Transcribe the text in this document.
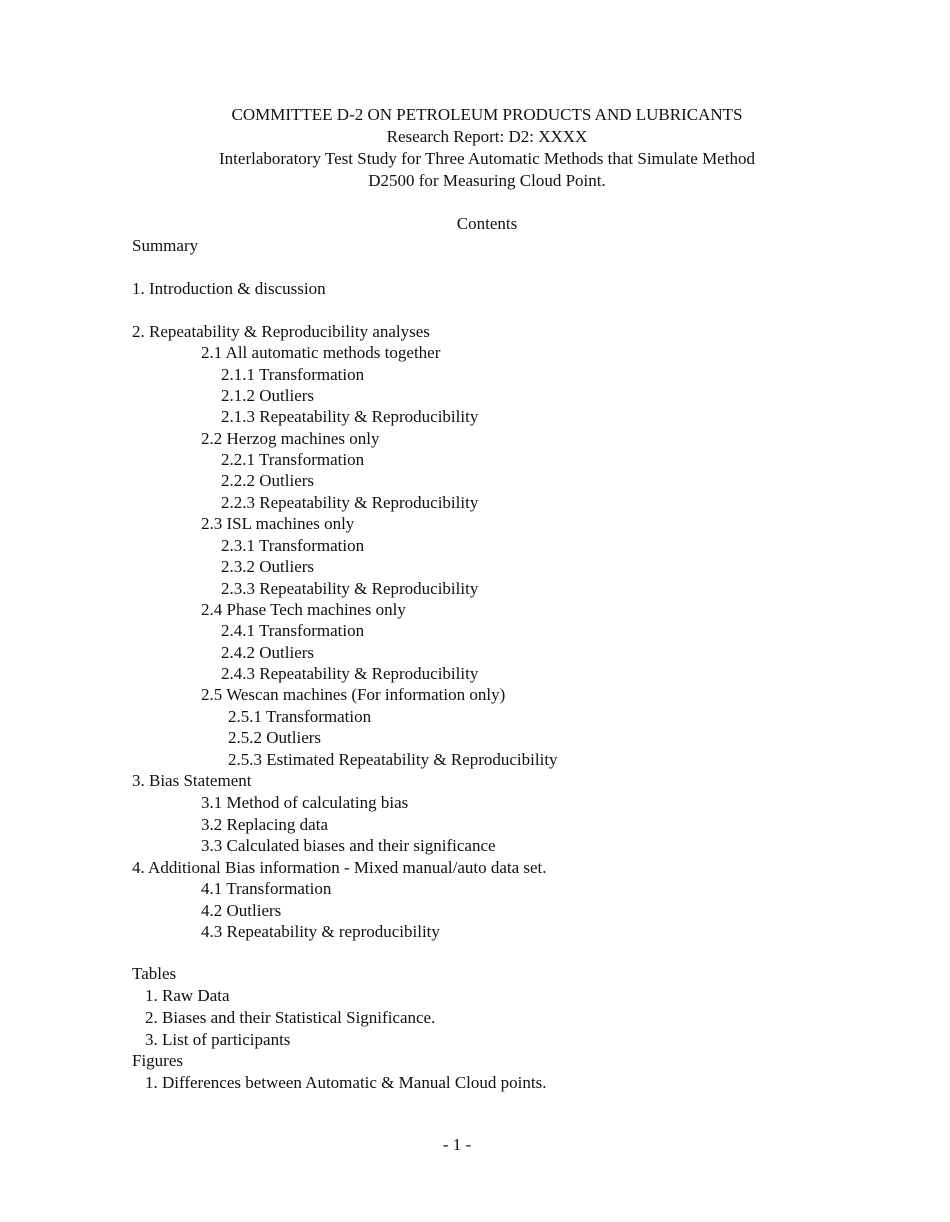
COMMITTEE D-2 ON PETROLEUM PRODUCTS AND LUBRICANTS
Research Report: D2: XXXX
Interlaboratory Test Study for Three Automatic Methods that Simulate Method
D2500 for Measuring Cloud Point.
Contents
Summary
1. Introduction & discussion
2. Repeatability & Reproducibility analyses
2.1 All automatic methods together
2.1.1 Transformation
2.1.2 Outliers
2.1.3 Repeatability & Reproducibility
2.2 Herzog machines only
2.2.1 Transformation
2.2.2 Outliers
2.2.3 Repeatability & Reproducibility
2.3 ISL machines only
2.3.1 Transformation
2.3.2 Outliers
2.3.3 Repeatability & Reproducibility
2.4 Phase Tech machines only
2.4.1 Transformation
2.4.2 Outliers
2.4.3 Repeatability & Reproducibility
2.5 Wescan machines (For information only)
2.5.1 Transformation
2.5.2 Outliers
2.5.3 Estimated Repeatability & Reproducibility
3. Bias Statement
3.1 Method of calculating bias
3.2 Replacing data
3.3 Calculated biases and their significance
4. Additional Bias information - Mixed manual/auto data set.
4.1 Transformation
4.2 Outliers
4.3 Repeatability & reproducibility
Tables
1. Raw Data
2. Biases and their Statistical Significance.
3. List of participants
Figures
1. Differences between Automatic & Manual Cloud points.
- 1 -
